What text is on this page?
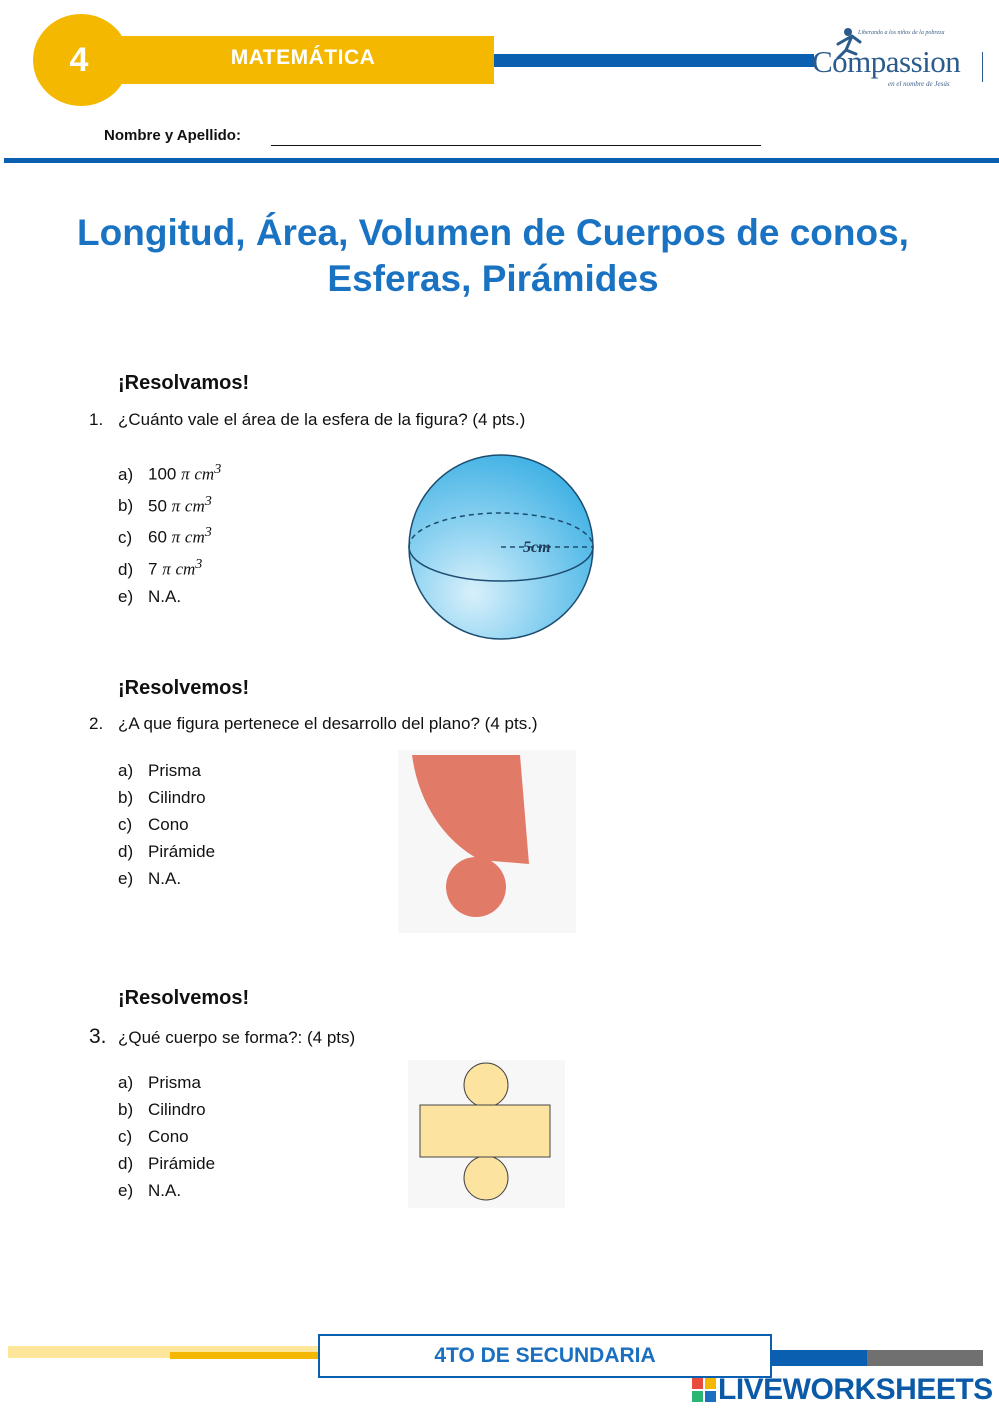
MATEMÁTICA
4
Liberando a los niños de la pobreza
Compassion
en el nombre de Jesús
Nombre y Apellido:
Longitud, Área, Volumen de Cuerpos de conos,
Esferas, Pirámides
¡Resolvamos!
1. ¿Cuánto vale el área de la esfera de la figura? (4 pts.)
a) 100 π $cm^3$
b) 50 π $cm^3$
c) 60 π $cm^3$
d) 7 π $cm^3$
e) N.A.
5cm
¡Resolvemos!
2. ¿A que figura pertenece el desarrollo del plano? (4 pts.)
a) Prisma
b) Cilindro
c) Cono
d) Pirámide
e) N.A.
¡Resolvemos!
3. ¿Qué cuerpo se forma?: (4 pts)
a) Prisma
b) Cilindro
c) Cono
d) Pirámide
e) N.A.
4TO DE SECUNDARIA
LIVEWORKSHEETS
